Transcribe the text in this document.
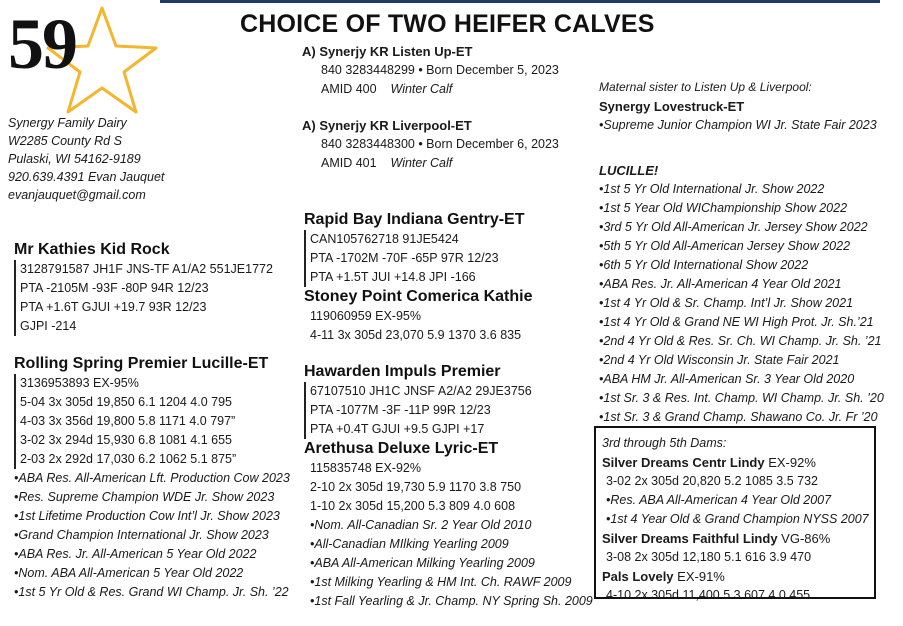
59	CHOICE OF TWO HEIFER CALVES
Synergy Family Dairy
W2285 County Rd S
Pulaski, WI 54162-9189
920.639.4391 Evan Jauquet
evanjauquet@gmail.com
A) Synerjy KR Listen Up-ET
840 3283448299 • Born December 5, 2023
AMID 400 Winter Calf
A) Synerjy KR Liverpool-ET
840 3283448300 • Born December 6, 2023
AMID 401 Winter Calf
Mr Kathies Kid Rock
3128791587 JH1F JNS-TF A1/A2 551JE1772
PTA -2105M -93F -80P 94R 12/23
PTA +1.6T GJUI +19.7 93R 12/23
GJPI -214
Rolling Spring Premier Lucille-ET
3136953893 EX-95%
5-04 3x 305d 19,850 6.1 1204 4.0 795
4-03 3x 356d 19,800 5.8 1171 4.0 797”
3-02 3x 294d 15,930 6.8 1081 4.1 655
2-03 2x 292d 17,030 6.2 1062 5.1 875”
•ABA Res. All-American Lft. Production Cow 2023
•Res. Supreme Champion WDE Jr. Show 2023
•1st Lifetime Production Cow Int’l Jr. Show 2023
•Grand Champion International Jr. Show 2023
•ABA Res. Jr. All-American 5 Year Old 2022
•Nom. ABA All-American 5 Year Old 2022
•1st 5 Yr Old & Res. Grand WI Champ. Jr. Sh. ’22
Rapid Bay Indiana Gentry-ET
CAN105762718 91JE5424
PTA -1702M -70F -65P 97R 12/23
PTA +1.5T JUI +14.8 JPI -166
Stoney Point Comerica Kathie
119060959 EX-95%
4-11 3x 305d 23,070 5.9 1370 3.6 835
Hawarden Impuls Premier
67107510 JH1C JNSF A2/A2 29JE3756
PTA -1077M -3F -11P 99R 12/23
PTA +0.4T GJUI +9.5 GJPI +17
Arethusa Deluxe Lyric-ET
115835748 EX-92%
2-10 2x 305d 19,730 5.9 1170 3.8 750
1-10 2x 305d 15,200 5.3 809 4.0 608
•Nom. All-Canadian Sr. 2 Year Old 2010
•All-Canadian MIlking Yearling 2009
•ABA All-American Milking Yearling 2009
•1st Milking Yearling & HM Int. Ch. RAWF 2009
•1st Fall Yearling & Jr. Champ. NY Spring Sh. 2009
Maternal sister to Listen Up & Liverpool:
Synergy Lovestruck-ET
•Supreme Junior Champion WI Jr. State Fair 2023
LUCILLE!
•1st 5 Yr Old International Jr. Show 2022
•1st 5 Year Old WIChampionship Show 2022
•3rd 5 Yr Old All-American Jr. Jersey Show 2022
•5th 5 Yr Old All-American Jersey Show 2022
•6th 5 Yr Old International Show 2022
•ABA Res. Jr. All-American 4 Year Old 2021
•1st 4 Yr Old & Sr. Champ. Int’l Jr. Show 2021
•1st 4 Yr Old & Grand NE WI High Prot. Jr. Sh.’21
•2nd 4 Yr Old & Res. Sr. Ch. WI Champ. Jr. Sh. ’21
•2nd 4 Yr Old Wisconsin Jr. State Fair 2021
•ABA HM Jr. All-American Sr. 3 Year Old 2020
•1st Sr. 3 & Res. Int. Champ. WI Champ. Jr. Sh. ’20
•1st Sr. 3 & Grand Champ. Shawano Co. Jr. Fr ’20
3rd through 5th Dams:
Silver Dreams Centr Lindy EX-92%
3-02 2x 305d 20,820 5.2 1085 3.5 732
•Res. ABA All-American 4 Year Old 2007
•1st 4 Year Old & Grand Champion NYSS 2007
Silver Dreams Faithful Lindy VG-86%
3-08 2x 305d 12,180 5.1 616 3.9 470
Pals Lovely EX-91%
4-10 2x 305d 11,400 5.3 607 4.0 455
